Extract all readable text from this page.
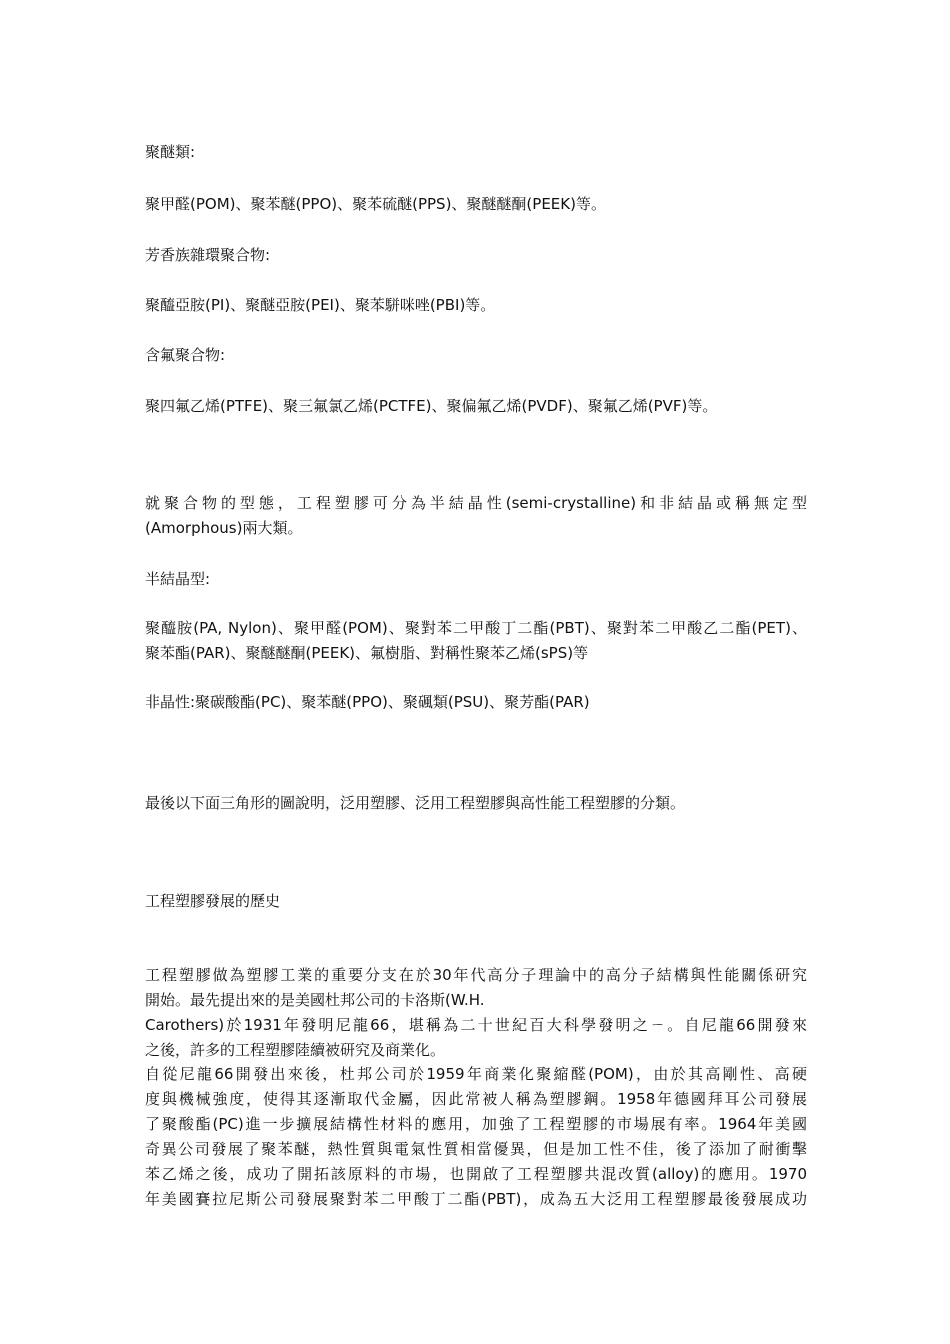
聚醚類:

聚甲醛(POM)、聚苯醚(PPO)、聚苯硫醚(PPS)、聚醚醚酮(PEEK)等。

芳香族雜環聚合物:

聚醯亞胺(PI)、聚醚亞胺(PEI)、聚苯駢咪唑(PBI)等。

含氟聚合物:

聚四氟乙烯(PTFE)、聚三氟氯乙烯(PCTFE)、聚偏氟乙烯(PVDF)、聚氟乙烯(PVF)等。

就聚合物的型態，工程塑膠可分為半結晶性(semi-crystalline)和非結晶或稱無定型

(Amorphous)兩大類。

半結晶型:

聚醯胺(PA, Nylon)、聚甲醛(POM)、聚對苯二甲酸丁二酯(PBT)、聚對苯二甲酸乙二酯(PET)、

聚苯酯(PAR)、聚醚醚酮(PEEK)、氟樹脂、對稱性聚苯乙烯(sPS)等

非晶性:聚碳酸酯(PC)、聚苯醚(PPO)、聚碸類(PSU)、聚芳酯(PAR)

最後以下面三角形的圖說明，泛用塑膠、泛用工程塑膠與高性能工程塑膠的分類。

工程塑膠發展的歷史

工程塑膠做為塑膠工業的重要分支在於30年代高分子理論中的高分子結構與性能關係研究

開始。最先提出來的是美國杜邦公司的卡洛斯(W.H.

Carothers)於1931年發明尼龍66，堪稱為二十世紀百大科學發明之ㄧ。自尼龍66開發來

之後，許多的工程塑膠陸續被研究及商業化。

自從尼龍66開發出來後，杜邦公司於1959年商業化聚縮醛(POM)，由於其高剛性、高硬

度與機械強度，使得其逐漸取代金屬，因此常被人稱為塑膠鋼。1958年德國拜耳公司發展

了聚酸酯(PC)進一步擴展結構性材料的應用，加強了工程塑膠的市場展有率。1964年美國

奇異公司發展了聚苯醚，熱性質與電氣性質相當優異，但是加工性不佳，後了添加了耐衝擊

苯乙烯之後，成功了開拓該原料的市場，也開啟了工程塑膠共混改質(alloy)的應用。1970

年美國賽拉尼斯公司發展聚對苯二甲酸丁二酯(PBT)，成為五大泛用工程塑膠最後發展成功
